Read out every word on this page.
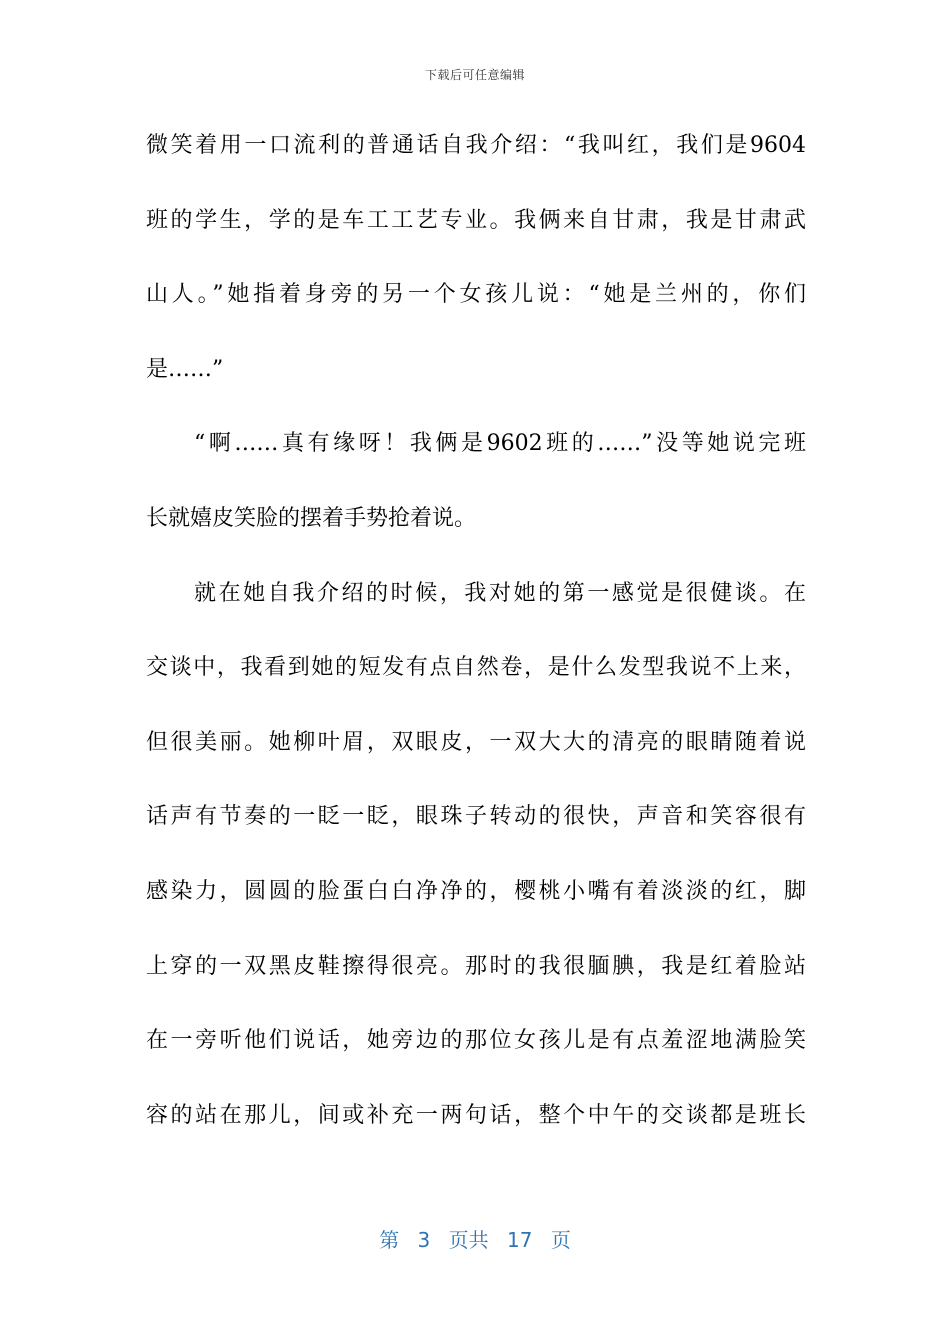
下载后可任意编辑
微笑着用一口流利的普通话自我介绍：“我叫红，我们是9604
班的学生，学的是车工工艺专业。我俩来自甘肃，我是甘肃武
山人。”她指着身旁的另一个女孩儿说：“她是兰州的，你们
是……”
“啊……真有缘呀！我俩是9602班的……”没等她说完班
长就嬉皮笑脸的摆着手势抢着说。
就在她自我介绍的时候，我对她的第一感觉是很健谈。在
交谈中，我看到她的短发有点自然卷，是什么发型我说不上来，
但很美丽。她柳叶眉，双眼皮，一双大大的清亮的眼睛随着说
话声有节奏的一眨一眨，眼珠子转动的很快，声音和笑容很有
感染力，圆圆的脸蛋白白净净的，樱桃小嘴有着淡淡的红，脚
上穿的一双黑皮鞋擦得很亮。那时的我很腼腆，我是红着脸站
在一旁听他们说话，她旁边的那位女孩儿是有点羞涩地满脸笑
容的站在那儿，间或补充一两句话，整个中午的交谈都是班长
第 3 页共 17 页
